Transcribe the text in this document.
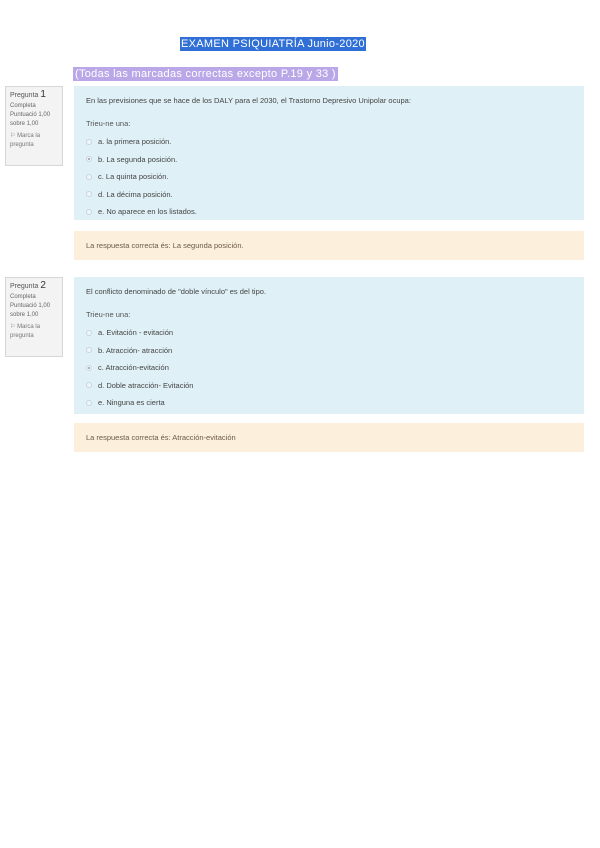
EXAMEN PSIQUIATRÍA Junio-2020
(Todas las marcadas correctas excepto P.19 y 33 )
Pregunta 1
Completa
Puntuació 1,00 sobre 1,00
⚐ Marca la pregunta
En las previsiones que se hace de los DALY para el 2030, el Trastorno Depresivo Unipolar ocupa:
Trieu-ne una:
a. la primera posición.
b. La segunda posición.
c. La quinta posición.
d. La décima posición.
e. No aparece en los listados.
La respuesta correcta és: La segunda posición.
Pregunta 2
Completa
Puntuació 1,00 sobre 1,00
⚐ Marca la pregunta
El conflicto denominado de "doble vínculo" es del tipo.
Trieu-ne una:
a. Evitación - evitación
b. Atracción- atracción
c. Atracción-evitación
d. Doble atracción- Evitación
e. Ninguna es cierta
La respuesta correcta és: Atracción-evitación
